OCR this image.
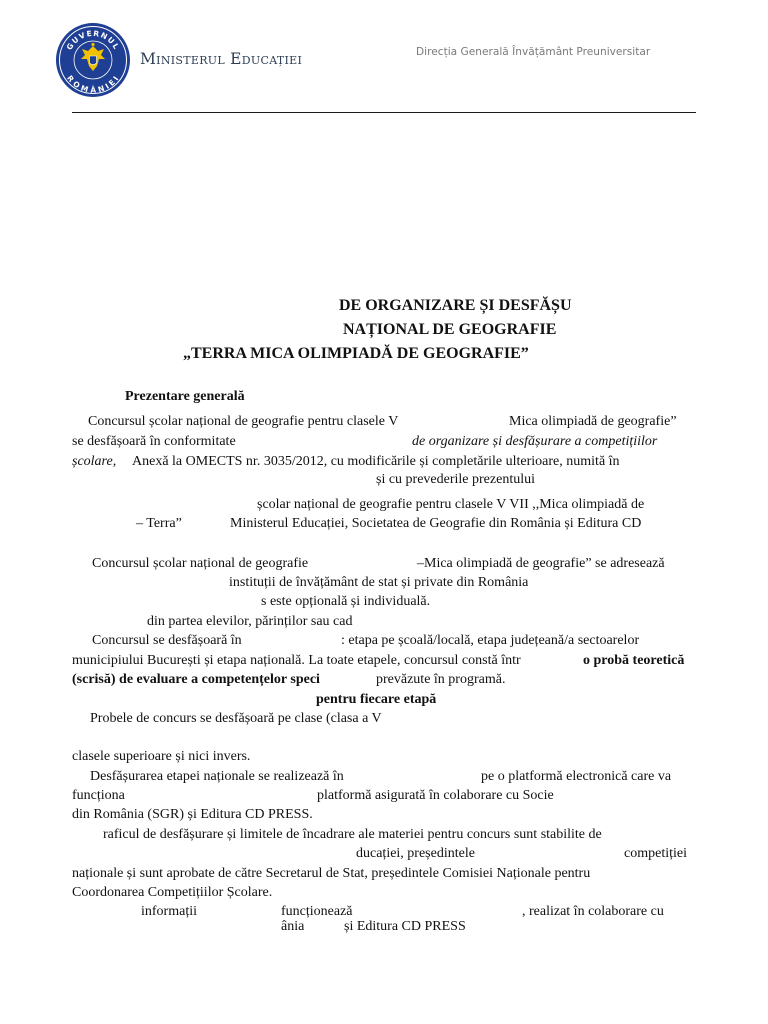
GUVERNUL
ROMÂNIEI
Ministerul Educației	Direcția Generală Învățământ Preuniversitar
DE ORGANIZARE ȘI DESFĂȘU
NAȚIONAL DE GEOGRAFIE
„TERRA MICA OLIMPIADĂ DE GEOGRAFIE”
Prezentare generală
Concursul școlar național de geografie pentru clasele V	Mica olimpiadă de geografie”
se desfășoară în conformitate	de organizare și desfășurare a competițiilor
școlare, Anexă la OMECTS nr. 3035/2012, cu modificările și completările ulterioare, numită în
și cu prevederile prezentului
școlar național de geografie pentru clasele V VII ,,Mica olimpiadă de
– Terra”	Ministerul Educației, Societatea de Geografie din România și Editura CD
Concursul școlar național de geografie	–Mica olimpiadă de geografie” se adresează
instituții de învățământ de stat și private din România
s este opțională și individuală.
din partea elevilor, părinților sau cad
Concursul se desfășoară în	: etapa pe școală/locală, etapa județeană/a sectoarelor
municipiului București și etapa națională. La toate etapele, concursul constă într	o probă teoretică
(scrisă) de evaluare a competențelor speci	prevăzute în programă.
pentru fiecare etapă
Probele de concurs se desfășoară pe clase (clasa a V
clasele superioare și nici invers.
Desfășurarea etapei naționale se realizează în	pe o platformă electronică care va
funcționa	platformă asigurată în colaborare cu Socie
din România (SGR) și Editura CD PRESS.
raficul de desfășurare și limitele de încadrare ale materiei pentru concurs sunt stabilite de
ducației, președintele	competiției
naționale și sunt aprobate de către Secretarul de Stat, președintele Comisiei Naționale pentru
Coordonarea Competițiilor Școlare.
informații	funcționează	, realizat în colaborare cu
ânia	și Editura CD PRESS
